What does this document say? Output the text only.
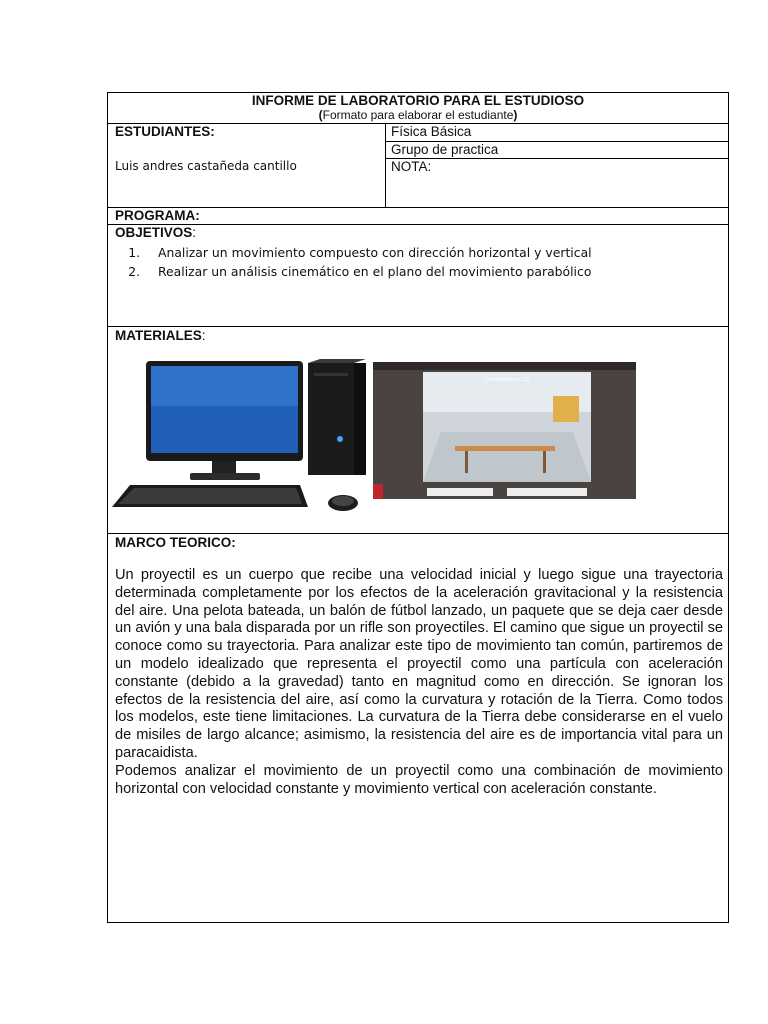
INFORME DE LABORATORIO PARA EL ESTUDIOSO
(Formato para elaborar el estudiante)
ESTUDIANTES:
Luis andres castañeda cantillo
Física Básica
Grupo de practica
NOTA:
PROGRAMA:
OBJETIVOS:
1. Analizar un movimiento compuesto con dirección horizontal y vertical
2. Realizar un análisis cinemático en el plano del movimiento parabólico
MATERIALES:
Cinemática en 3D
MARCO TEORICO:
Un proyectil es un cuerpo que recibe una velocidad inicial y luego sigue una trayectoria determinada completamente por los efectos de la aceleración gravitacional y la resistencia del aire. Una pelota bateada, un balón de fútbol lanzado, un paquete que se deja caer desde un avión y una bala disparada por un rifle son proyectiles. El camino que sigue un proyectil se conoce como su trayectoria. Para analizar este tipo de movimiento tan común, partiremos de un modelo idealizado que representa el proyectil como una partícula con aceleración constante (debido a la gravedad) tanto en magnitud como en dirección. Se ignoran los efectos de la resistencia del aire, así como la curvatura y rotación de la Tierra. Como todos los modelos, este tiene limitaciones. La curvatura de la Tierra debe considerarse en el vuelo de misiles de largo alcance; asimismo, la resistencia del aire es de importancia vital para un paracaidista.
Podemos analizar el movimiento de un proyectil como una combinación de movimiento horizontal con velocidad constante y movimiento vertical con aceleración constante.
